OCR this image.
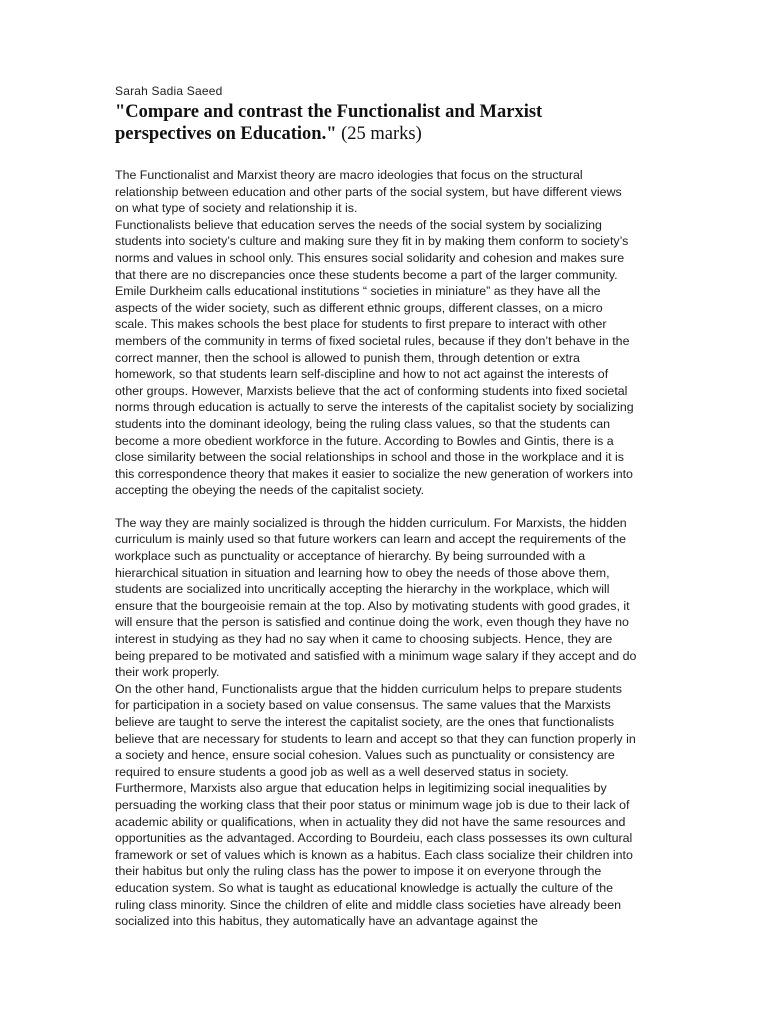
Sarah Sadia Saeed
"Compare and contrast the Functionalist and Marxist perspectives on Education." (25 marks)

The Functionalist and Marxist theory are macro ideologies that focus on the structural relationship between education and other parts of the social system, but have different views on what type of society and relationship it is.

Functionalists believe that education serves the needs of the social system by socializing students into society’s culture and making sure they fit in by making them conform to society’s norms and values in school only. This ensures social solidarity and cohesion and makes sure that there are no discrepancies once these students become a part of the larger community. Emile Durkheim calls educational institutions “ societies in miniature” as they have all the aspects of the wider society, such as different ethnic groups, different classes, on a micro scale. This makes schools the best place for students to first prepare to interact with other members of the community in terms of fixed societal rules, because if they don’t behave in the correct manner, then the school is allowed to punish them, through detention or extra homework, so that students learn self-discipline and how to not act against the interests of other groups. However, Marxists believe that the act of conforming students into fixed societal norms through education is actually to serve the interests of the capitalist society by socializing students into the dominant ideology, being the ruling class values, so that the students can become a more obedient workforce in the future. According to Bowles and Gintis, there is a close similarity between the social relationships in school and those in the workplace and it is this correspondence theory that makes it easier to socialize the new generation of workers into accepting the obeying the needs of the capitalist society.

The way they are mainly socialized is through the hidden curriculum. For Marxists, the hidden curriculum is mainly used so that future workers can learn and accept the requirements of the workplace such as punctuality or acceptance of hierarchy. By being surrounded with a hierarchical situation in situation and learning how to obey the needs of those above them, students are socialized into uncritically accepting the hierarchy in the workplace, which will ensure that the bourgeoisie remain at the top. Also by motivating students with good grades, it will ensure that the person is satisfied and continue doing the work, even though they have no interest in studying as they had no say when it came to choosing subjects. Hence, they are being prepared to be motivated and satisfied with a minimum wage salary if they accept and do their work properly.

On the other hand, Functionalists argue that the hidden curriculum helps to prepare students for participation in a society based on value consensus. The same values that the Marxists believe are taught to serve the interest the capitalist society, are the ones that functionalists believe that are necessary for students to learn and accept so that they can function properly in a society and hence, ensure social cohesion. Values such as punctuality or consistency are required to ensure students a good job as well as a well deserved status in society.

Furthermore, Marxists also argue that education helps in legitimizing social inequalities by persuading the working class that their poor status or minimum wage job is due to their lack of academic ability or qualifications, when in actuality they did not have the same resources and opportunities as the advantaged. According to Bourdeiu, each class possesses its own cultural framework or set of values which is known as a habitus. Each class socialize their children into their habitus but only the ruling class has the power to impose it on everyone through the education system. So what is taught as educational knowledge is actually the culture of the ruling class minority. Since the children of elite and middle class societies have already been socialized into this habitus, they automatically have an advantage against the
